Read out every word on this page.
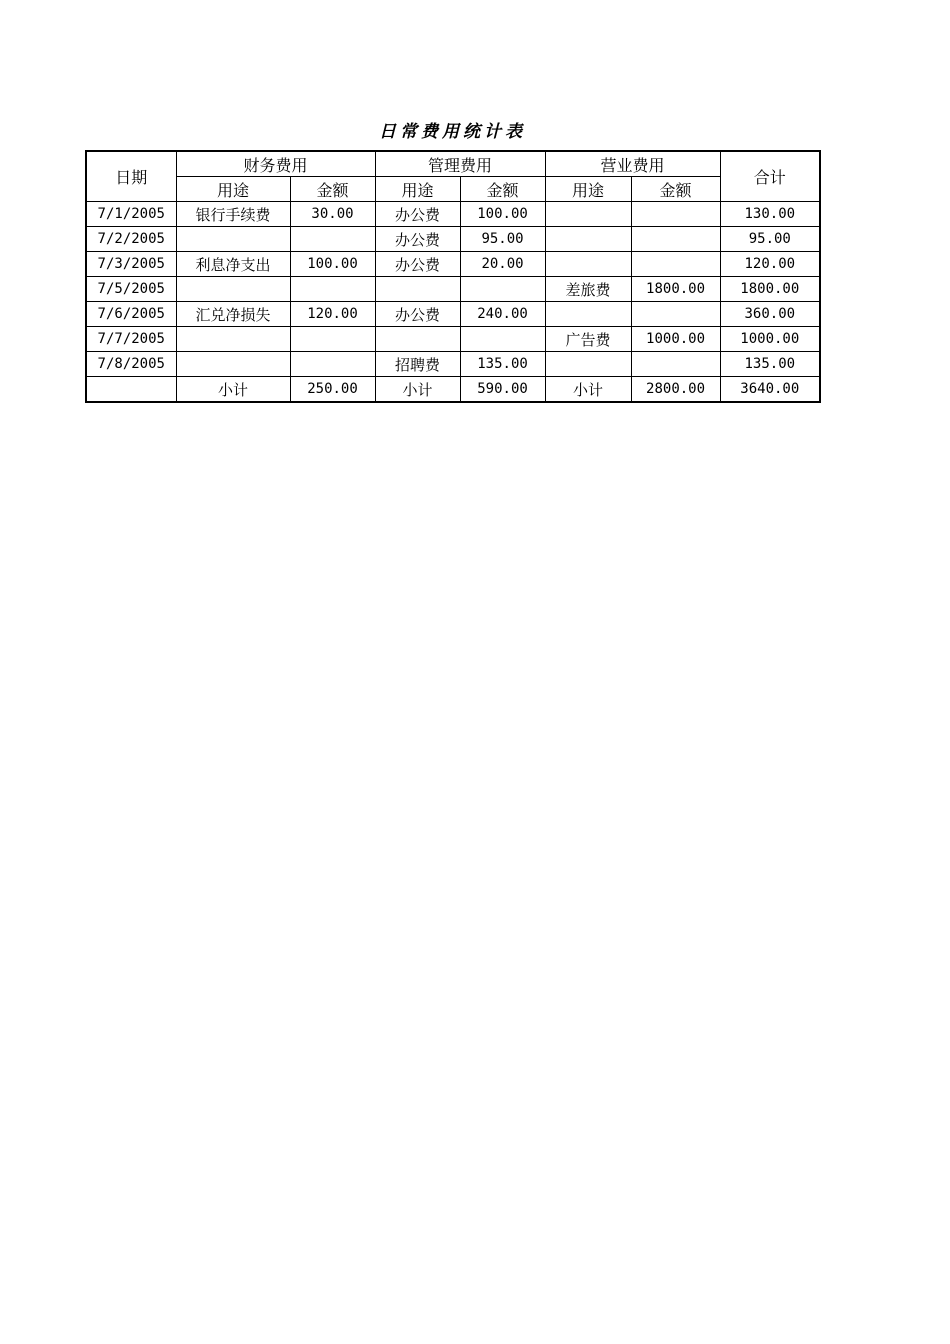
日常费用统计表
日期	财务费用		管理费用		营业费用		合计
	用途	金额	用途	金额	用途	金额	
7/1/2005	银行手续费	30.00	办公费	100.00			130.00
7/2/2005			办公费	95.00			95.00
7/3/2005	利息净支出	100.00	办公费	20.00			120.00
7/5/2005					差旅费	1800.00	1800.00
7/6/2005	汇兑净损失	120.00	办公费	240.00			360.00
7/7/2005					广告费	1000.00	1000.00
7/8/2005			招聘费	135.00			135.00
	小计	250.00	小计	590.00	小计	2800.00	3640.00
